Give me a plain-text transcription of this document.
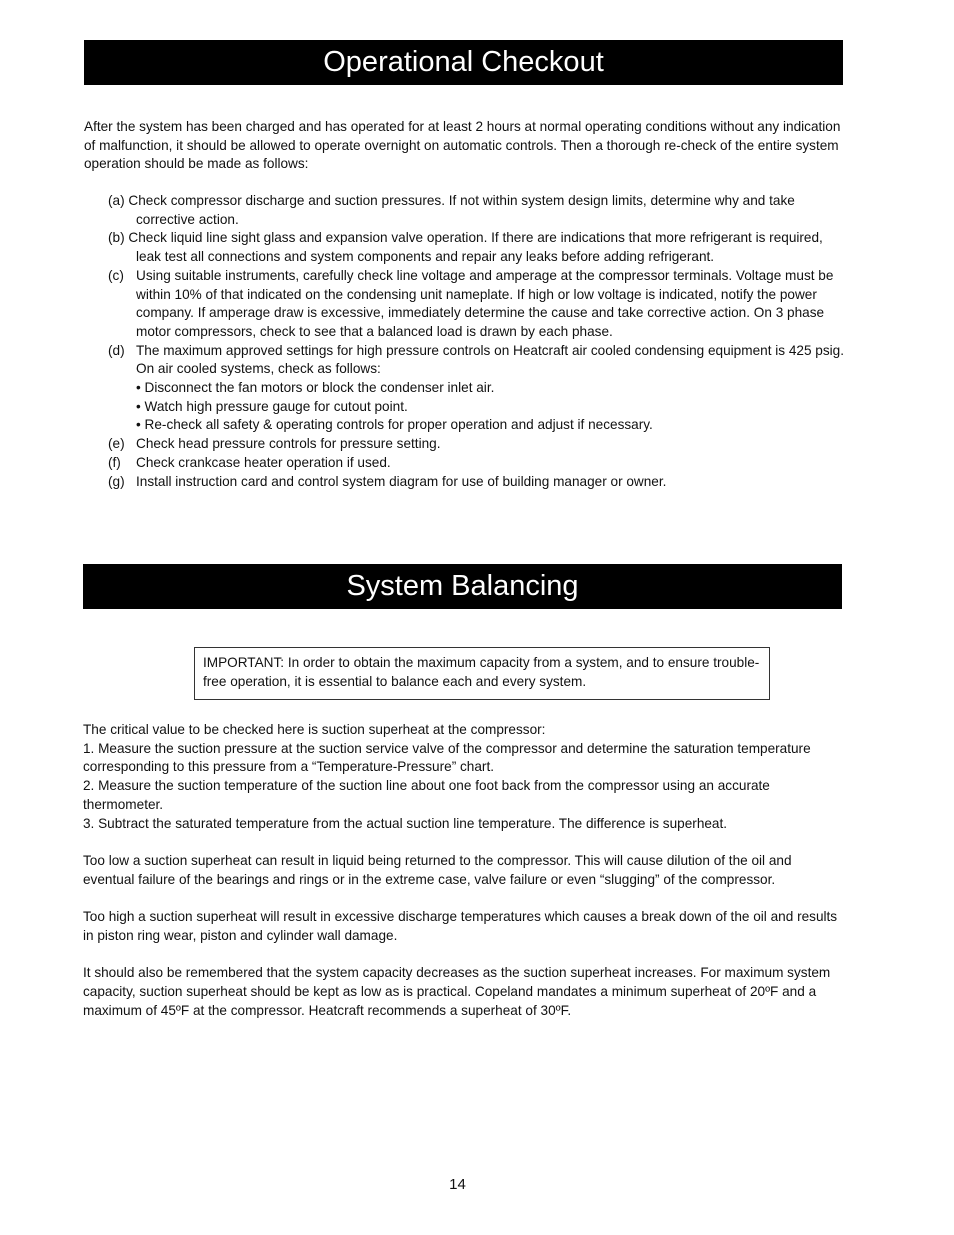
Operational Checkout
After the system has been charged and has operated for at least 2 hours at normal operating conditions without any indication of malfunction, it should be allowed to operate overnight on automatic controls. Then a thorough re-check of the entire system operation should be made as follows:
(a) Check compressor discharge and suction pressures. If not within system design limits, determine why and take corrective action.
(b) Check liquid line sight glass and expansion valve operation. If there are indications that more refrigerant is required, leak test all connections and system components and repair any leaks before adding refrigerant.
(c) Using suitable instruments, carefully check line voltage and amperage at the compressor terminals. Voltage must be within 10% of that indicated on the condensing unit nameplate. If high or low voltage is indicated, notify the power company. If amperage draw is excessive, immediately determine the cause and take corrective action. On 3 phase motor compressors, check to see that a balanced load is drawn by each phase.
(d) The maximum approved settings for high pressure controls on Heatcraft air cooled condensing equipment is 425 psig. On air cooled systems, check as follows:
• Disconnect the fan motors or block the condenser inlet air.
• Watch high pressure gauge for cutout point.
• Re-check all safety & operating controls for proper operation and adjust if necessary.
(e) Check head pressure controls for pressure setting.
(f) Check crankcase heater operation if used.
(g) Install instruction card and control system diagram for use of building manager or owner.
System Balancing
IMPORTANT: In order to obtain the maximum capacity from a system, and to ensure trouble-free operation, it is essential to balance each and every system.
The critical value to be checked here is suction superheat at the compressor:
1. Measure the suction pressure at the suction service valve of the compressor and determine the saturation temperature corresponding to this pressure from a “Temperature-Pressure” chart.
2. Measure the suction temperature of the suction line about one foot back from the compressor using an accurate thermometer.
3. Subtract the saturated temperature from the actual suction line temperature. The difference is superheat.
Too low a suction superheat can result in liquid being returned to the compressor. This will cause dilution of the oil and eventual failure of the bearings and rings or in the extreme case, valve failure or even “slugging” of the compressor.
Too high a suction superheat will result in excessive discharge temperatures which causes a break down of the oil and results in piston ring wear, piston and cylinder wall damage.
It should also be remembered that the system capacity decreases as the suction superheat increases. For maximum system capacity, suction superheat should be kept as low as is practical. Copeland mandates a minimum superheat of 20ºF and a maximum of 45ºF at the compressor. Heatcraft recommends a superheat of 30ºF.
14
